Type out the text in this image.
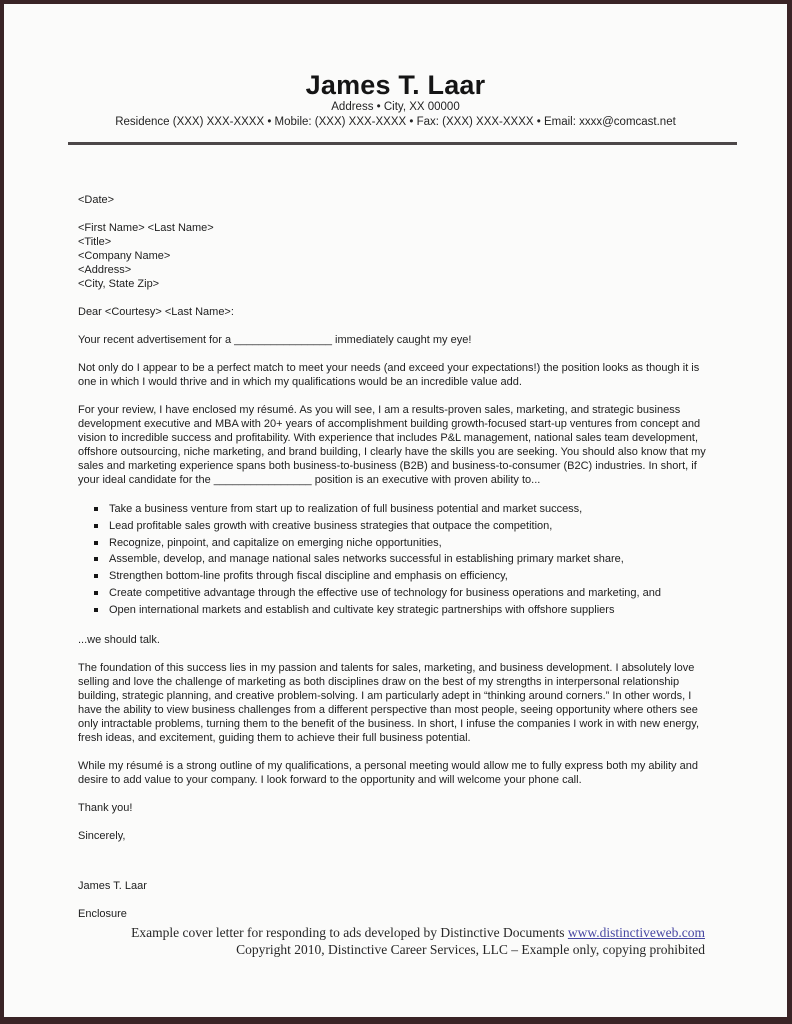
James T. Laar
Address • City, XX 00000
Residence (XXX) XXX-XXXX • Mobile: (XXX) XXX-XXXX • Fax: (XXX) XXX-XXXX • Email: xxxx@comcast.net
<Date>
<First Name> <Last Name>
<Title>
<Company Name>
<Address>
<City, State Zip>
Dear <Courtesy> <Last Name>:
Your recent advertisement for a ________________ immediately caught my eye!
Not only do I appear to be a perfect match to meet your needs (and exceed your expectations!) the position looks as though it is one in which I would thrive and in which my qualifications would be an incredible value add.
For your review, I have enclosed my résumé. As you will see, I am a results-proven sales, marketing, and strategic business development executive and MBA with 20+ years of accomplishment building growth-focused start-up ventures from concept and vision to incredible success and profitability. With experience that includes P&L management, national sales team development, offshore outsourcing, niche marketing, and brand building, I clearly have the skills you are seeking. You should also know that my sales and marketing experience spans both business-to-business (B2B) and business-to-consumer (B2C) industries. In short, if your ideal candidate for the ________________ position is an executive with proven ability to...
Take a business venture from start up to realization of full business potential and market success,
Lead profitable sales growth with creative business strategies that outpace the competition,
Recognize, pinpoint, and capitalize on emerging niche opportunities,
Assemble, develop, and manage national sales networks successful in establishing primary market share,
Strengthen bottom-line profits through fiscal discipline and emphasis on efficiency,
Create competitive advantage through the effective use of technology for business operations and marketing, and
Open international markets and establish and cultivate key strategic partnerships with offshore suppliers
...we should talk.
The foundation of this success lies in my passion and talents for sales, marketing, and business development. I absolutely love selling and love the challenge of marketing as both disciplines draw on the best of my strengths in interpersonal relationship building, strategic planning, and creative problem-solving. I am particularly adept in “thinking around corners.” In other words, I have the ability to view business challenges from a different perspective than most people, seeing opportunity where others see only intractable problems, turning them to the benefit of the business. In short, I infuse the companies I work in with new energy, fresh ideas, and excitement, guiding them to achieve their full business potential.
While my résumé is a strong outline of my qualifications, a personal meeting would allow me to fully express both my ability and desire to add value to your company. I look forward to the opportunity and will welcome your phone call.
Thank you!
Sincerely,
James T. Laar
Enclosure
Example cover letter for responding to ads developed by Distinctive Documents www.distinctiveweb.com
Copyright 2010, Distinctive Career Services, LLC – Example only, copying prohibited
